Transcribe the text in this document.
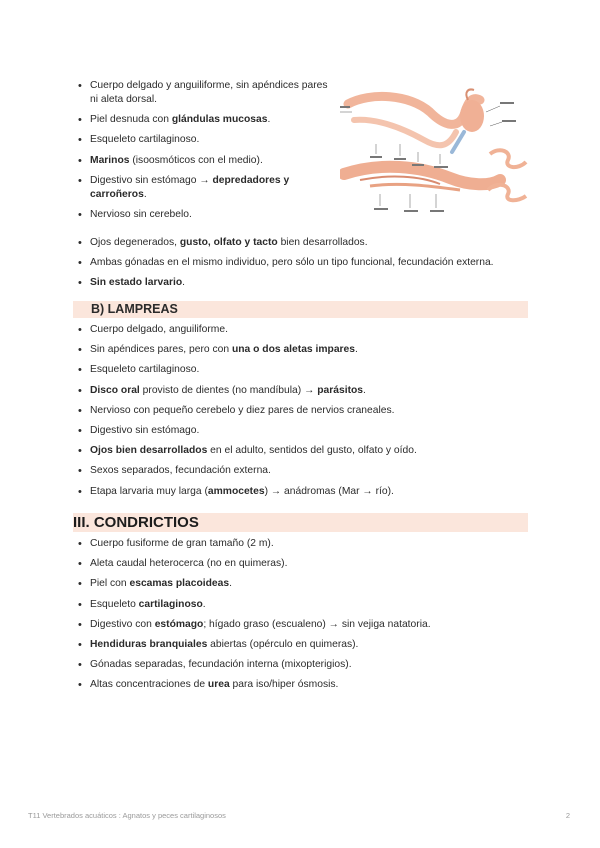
• Cuerpo delgado y anguiliforme, sin apéndices pares ni aleta dorsal.
• Piel desnuda con glándulas mucosas.
• Esqueleto cartilaginoso.
• Marinos (isoosmóticos con el medio).
• Digestivo sin estómago → depredadores y carroñeros.
• Nervioso sin cerebelo.
• Ojos degenerados, gusto, olfato y tacto bien desarrollados.
• Ambas gónadas en el mismo individuo, pero sólo un tipo funcional, fecundación externa.
• Sin estado larvario.
B) LAMPREAS
• Cuerpo delgado, anguiliforme.
• Sin apéndices pares, pero con una o dos aletas impares.
• Esqueleto cartilaginoso.
• Disco oral provisto de dientes (no mandíbula) → parásitos.
• Nervioso con pequeño cerebelo y diez pares de nervios craneales.
• Digestivo sin estómago.
• Ojos bien desarrollados en el adulto, sentidos del gusto, olfato y oído.
• Sexos separados, fecundación externa.
• Etapa larvaria muy larga (ammocetes) → anádromas (Mar → río).
III. CONDRICTIOS
• Cuerpo fusiforme de gran tamaño (2 m).
• Aleta caudal heterocerca (no en quimeras).
• Piel con escamas placoideas.
• Esqueleto cartilaginoso.
• Digestivo con estómago; hígado graso (escualeno) → sin vejiga natatoria.
• Hendiduras branquiales abiertas (opérculo en quimeras).
• Gónadas separadas, fecundación interna (mixopterigios).
• Altas concentraciones de urea para iso/hiper ósmosis.
T11 Vertebrados acuáticos : Agnatos y peces cartilaginosos	2
